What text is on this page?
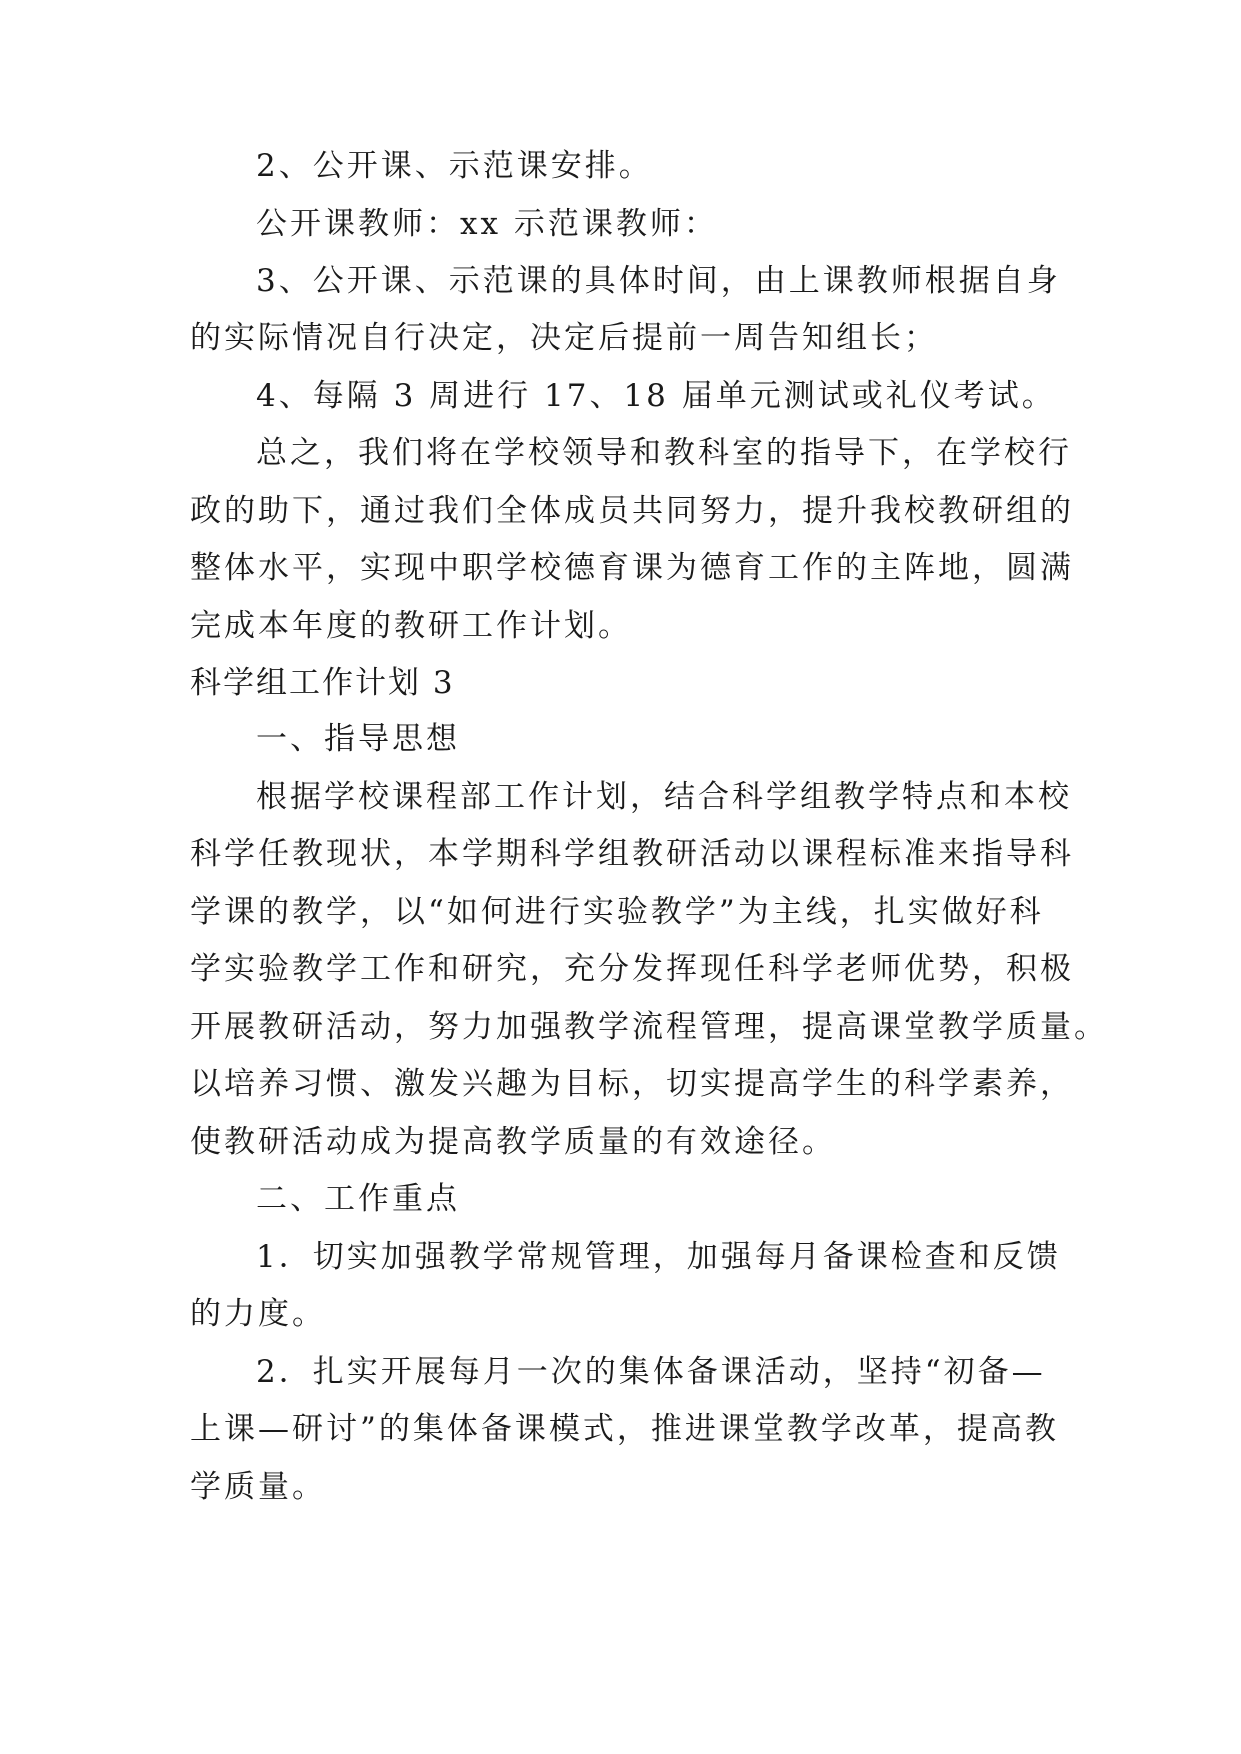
2、公开课、示范课安排。
公开课教师：xx 示范课教师：
3、公开课、示范课的具体时间，由上课教师根据自身
的实际情况自行决定，决定后提前一周告知组长；
4、每隔 3 周进行 17、18 届单元测试或礼仪考试。
总之，我们将在学校领导和教科室的指导下，在学校行
政的助下，通过我们全体成员共同努力，提升我校教研组的
整体水平，实现中职学校德育课为德育工作的主阵地，圆满
完成本年度的教研工作计划。
科学组工作计划 3
一、指导思想
根据学校课程部工作计划，结合科学组教学特点和本校
科学任教现状，本学期科学组教研活动以课程标准来指导科
学课的教学，以“如何进行实验教学”为主线，扎实做好科
学实验教学工作和研究，充分发挥现任科学老师优势，积极
开展教研活动，努力加强教学流程管理，提高课堂教学质量。
以培养习惯、激发兴趣为目标，切实提高学生的科学素养，
使教研活动成为提高教学质量的有效途径。
二、工作重点
1．切实加强教学常规管理，加强每月备课检查和反馈
的力度。
2．扎实开展每月一次的集体备课活动，坚持“初备—
上课—研讨”的集体备课模式，推进课堂教学改革，提高教
学质量。
